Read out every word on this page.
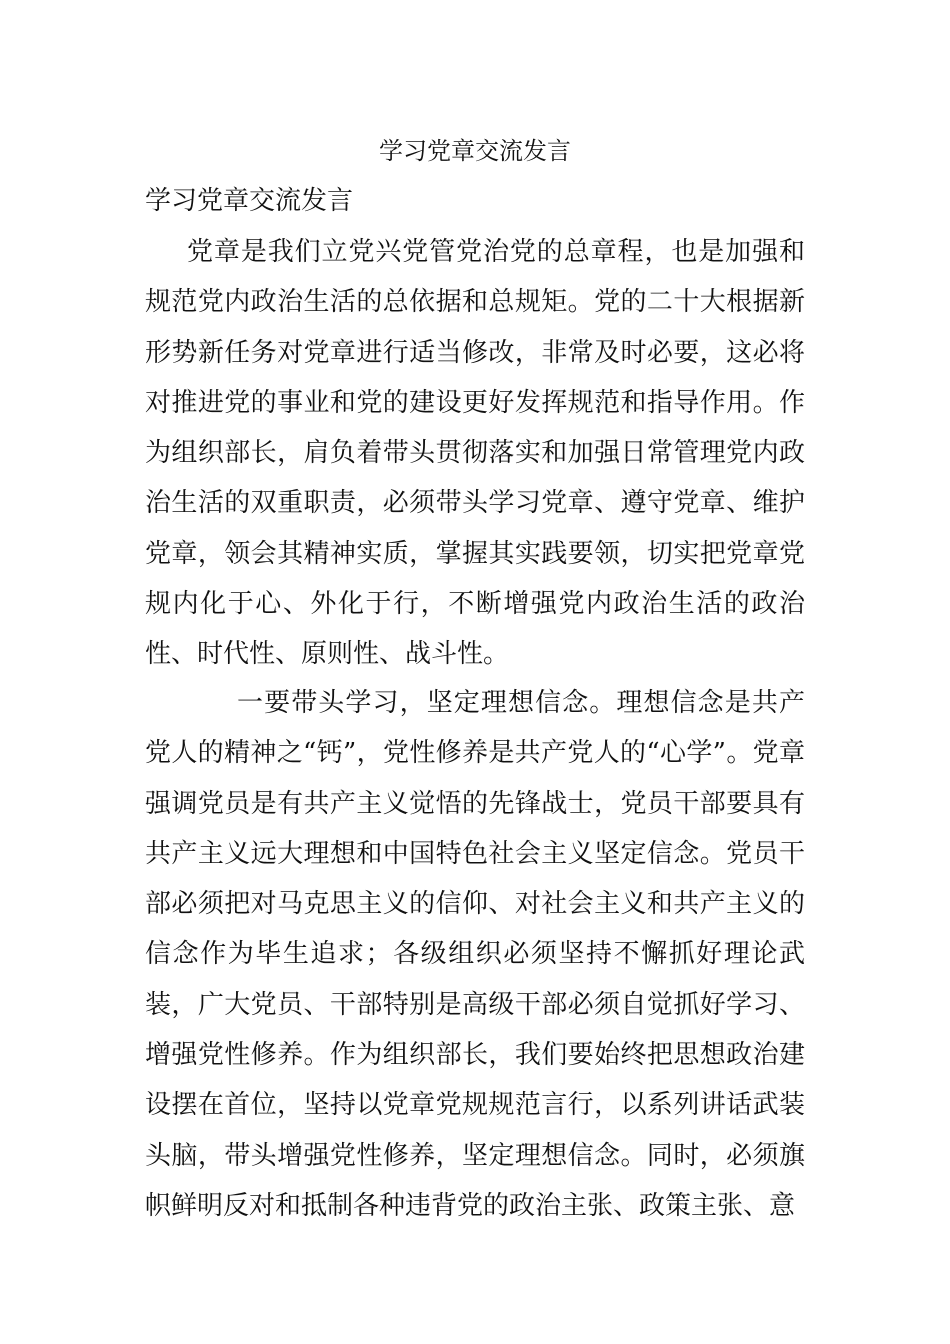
学习党章交流发言
学习党章交流发言

党章是我们立党兴党管党治党的总章程，也是加强和规范党内政治生活的总依据和总规矩。党的二十大根据新形势新任务对党章进行适当修改，非常及时必要，这必将对推进党的事业和党的建设更好发挥规范和指导作用。作为组织部长，肩负着带头贯彻落实和加强日常管理党内政治生活的双重职责，必须带头学习党章、遵守党章、维护党章，领会其精神实质，掌握其实践要领，切实把党章党规内化于心、外化于行，不断增强党内政治生活的政治性、时代性、原则性、战斗性。

一要带头学习，坚定理想信念。理想信念是共产党人的精神之“钙”，党性修养是共产党人的“心学”。党章强调党员是有共产主义觉悟的先锋战士，党员干部要具有共产主义远大理想和中国特色社会主义坚定信念。党员干部必须把对马克思主义的信仰、对社会主义和共产主义的信念作为毕生追求；各级组织必须坚持不懈抓好理论武装，广大党员、干部特别是高级干部必须自觉抓好学习、增强党性修养。作为组织部长，我们要始终把思想政治建设摆在首位，坚持以党章党规规范言行，以系列讲话武装头脑，带头增强党性修养，坚定理想信念。同时，必须旗帜鲜明反对和抵制各种违背党的政治主张、政策主张、意
